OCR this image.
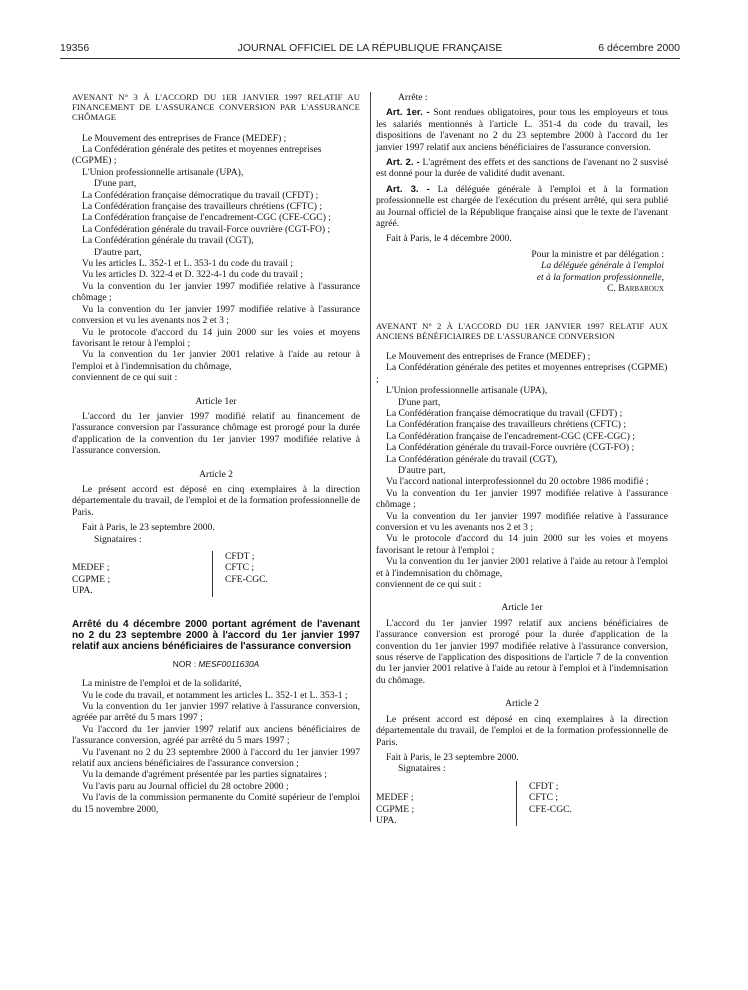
19356	JOURNAL OFFICIEL DE LA RÉPUBLIQUE FRANÇAISE	6 décembre 2000

AVENANT N° 3 À L'ACCORD DU 1ER JANVIER 1997 RELATIF AU FINANCEMENT DE L'ASSURANCE CONVERSION PAR L'ASSURANCE CHÔMAGE

Le Mouvement des entreprises de France (MEDEF) ;

La Confédération générale des petites et moyennes entreprises (CGPME) ;

L'Union professionnelle artisanale (UPA),

D'une part,

La Confédération française démocratique du travail (CFDT) ;

La Confédération française des travailleurs chrétiens (CFTC) ;

La Confédération française de l'encadrement-CGC (CFE-CGC) ;

La Confédération générale du travail-Force ouvrière (CGT-FO) ;

La Confédération générale du travail (CGT),

D'autre part,

Vu les articles L. 352-1 et L. 353-1 du code du travail ;

Vu les articles D. 322-4 et D. 322-4-1 du code du travail ;

Vu la convention du 1er janvier 1997 modifiée relative à l'assurance chômage ;

Vu la convention du 1er janvier 1997 modifiée relative à l'assurance conversion et vu les avenants nos 2 et 3 ;

Vu le protocole d'accord du 14 juin 2000 sur les voies et moyens favorisant le retour à l'emploi ;

Vu la convention du 1er janvier 2001 relative à l'aide au retour à l'emploi et à l'indemnisation du chômage,

conviennent de ce qui suit :

Article 1er

L'accord du 1er janvier 1997 modifié relatif au financement de l'assurance conversion par l'assurance chômage est prorogé pour la durée d'application de la convention du 1er janvier 1997 modifiée relative à l'assurance conversion.

Article 2

Le présent accord est déposé en cinq exemplaires à la direction départementale du travail, de l'emploi et de la formation professionnelle de Paris.

Fait à Paris, le 23 septembre 2000.

Signataires :

MEDEF ;
CGPME ;
UPA.
CFDT ;
CFTC ;
CFE-CGC.

Arrêté du 4 décembre 2000 portant agrément de l'avenant no 2 du 23 septembre 2000 à l'accord du 1er janvier 1997 relatif aux anciens bénéficiaires de l'assurance conversion

NOR : MESF0011630A

La ministre de l'emploi et de la solidarité,

Vu le code du travail, et notamment les articles L. 352-1 et L. 353-1 ;

Vu la convention du 1er janvier 1997 relative à l'assurance conversion, agréée par arrêté du 5 mars 1997 ;

Vu l'accord du 1er janvier 1997 relatif aux anciens bénéficiaires de l'assurance conversion, agréé par arrêté du 5 mars 1997 ;

Vu l'avenant no 2 du 23 septembre 2000 à l'accord du 1er janvier 1997 relatif aux anciens bénéficiaires de l'assurance conversion ;

Vu la demande d'agrément présentée par les parties signataires ;

Vu l'avis paru au Journal officiel du 28 octobre 2000 ;

Vu l'avis de la commission permanente du Comité supérieur de l'emploi du 15 novembre 2000,

Arrête :

Art. 1er. - Sont rendues obligatoires, pour tous les employeurs et tous les salariés mentionnés à l'article L. 351-4 du code du travail, les dispositions de l'avenant no 2 du 23 septembre 2000 à l'accord du 1er janvier 1997 relatif aux anciens bénéficiaires de l'assurance conversion.

Art. 2. - L'agrément des effets et des sanctions de l'avenant no 2 susvisé est donné pour la durée de validité dudit avenant.

Art. 3. - La déléguée générale à l'emploi et à la formation professionnelle est chargée de l'exécution du présent arrêté, qui sera publié au Journal officiel de la République française ainsi que le texte de l'avenant agréé.

Fait à Paris, le 4 décembre 2000.

Pour la ministre et par délégation :

La déléguée générale à l'emploi

et à la formation professionnelle,

C. Barbaroux

AVENANT N° 2 À L'ACCORD DU 1ER JANVIER 1997 RELATIF AUX ANCIENS BÉNÉFICIAIRES DE L'ASSURANCE CONVERSION

Le Mouvement des entreprises de France (MEDEF) ;

La Confédération générale des petites et moyennes entreprises (CGPME) ;

L'Union professionnelle artisanale (UPA),

D'une part,

La Confédération française démocratique du travail (CFDT) ;

La Confédération française des travailleurs chrétiens (CFTC) ;

La Confédération française de l'encadrement-CGC (CFE-CGC) ;

La Confédération générale du travail-Force ouvrière (CGT-FO) ;

La Confédération générale du travail (CGT),

D'autre part,

Vu l'accord national interprofessionnel du 20 octobre 1986 modifié ;

Vu la convention du 1er janvier 1997 modifiée relative à l'assurance chômage ;

Vu la convention du 1er janvier 1997 modifiée relative à l'assurance conversion et vu les avenants nos 2 et 3 ;

Vu le protocole d'accord du 14 juin 2000 sur les voies et moyens favorisant le retour à l'emploi ;

Vu la convention du 1er janvier 2001 relative à l'aide au retour à l'emploi et à l'indemnisation du chômage,

conviennent de ce qui suit :

Article 1er

L'accord du 1er janvier 1997 relatif aux anciens bénéficiaires de l'assurance conversion est prorogé pour la durée d'application de la convention du 1er janvier 1997 modifiée relative à l'assurance conversion, sous réserve de l'application des dispositions de l'article 7 de la convention du 1er janvier 2001 relative à l'aide au retour à l'emploi et à l'indemnisation du chômage.

Article 2

Le présent accord est déposé en cinq exemplaires à la direction départementale du travail, de l'emploi et de la formation professionnelle de Paris.

Fait à Paris, le 23 septembre 2000.

Signataires :

MEDEF ;
CGPME ;
UPA.
CFDT ;
CFTC ;
CFE-CGC.
